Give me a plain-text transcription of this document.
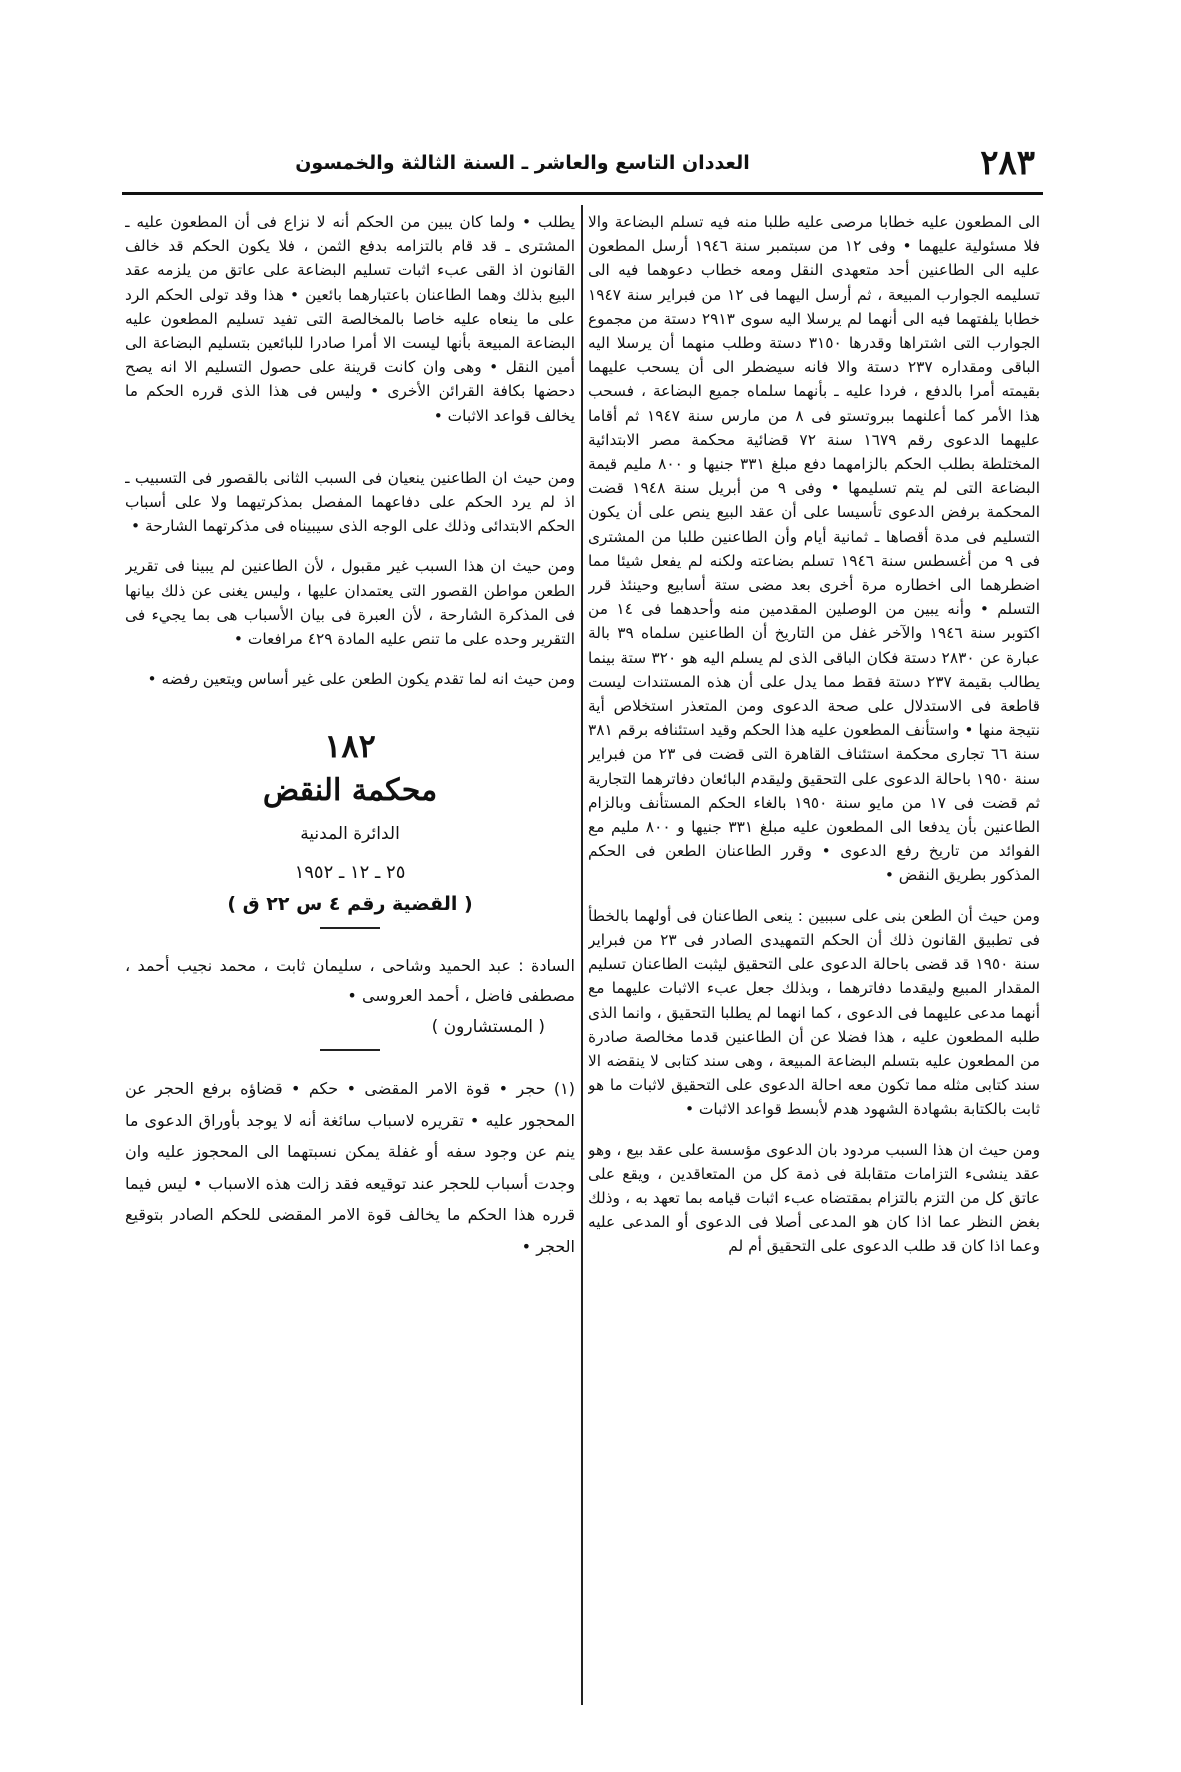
٢٨٣
العددان التاسع والعاشر ـ السنة الثالثة والخمسون

الى المطعون عليه خطابا مرصى عليه طلبا منه فيه تسلم البضاعة والا فلا مسئولية عليهما • وفى ١٢ من سبتمبر سنة ١٩٤٦ أرسل المطعون عليه الى الطاعنين أحد متعهدى النقل ومعه خطاب دعوهما فيه الى تسليمه الجوارب المبيعة ، ثم أرسل اليهما فى ١٢ من فبراير سنة ١٩٤٧ خطابا يلفتهما فيه الى أنهما لم يرسلا اليه سوى ٢٩١٣ دستة من مجموع الجوارب التى اشتراها وقدرها ٣١٥٠ دستة وطلب منهما أن يرسلا اليه الباقى ومقداره ٢٣٧ دستة والا فانه سيضطر الى أن يسحب عليهما بقيمته أمرا بالدفع ، فردا عليه ـ بأنهما سلماه جميع البضاعة ، فسحب هذا الأمر كما أعلنهما ببروتستو فى ٨ من مارس سنة ١٩٤٧ ثم أقاما عليهما الدعوى رقم ١٦٧٩ سنة ٧٢ قضائية محكمة مصر الابتدائية المختلطة بطلب الحكم بالزامهما دفع مبلغ ٣٣١ جنيها و ٨٠٠ مليم قيمة البضاعة التى لم يتم تسليمها • وفى ٩ من أبريل سنة ١٩٤٨ قضت المحكمة برفض الدعوى تأسيسا على أن عقد البيع ينص على أن يكون التسليم فى مدة أقصاها ـ ثمانية أيام وأن الطاعنين طلبا من المشترى فى ٩ من أغسطس سنة ١٩٤٦ تسلم بضاعته ولكنه لم يفعل شيئا مما اضطرهما الى اخطاره مرة أخرى بعد مضى ستة أسابيع وحينئذ قرر التسلم • وأنه يبين من الوصلين المقدمين منه وأحدهما فى ١٤ من اكتوبر سنة ١٩٤٦ والآخر غفل من التاريخ أن الطاعنين سلماه ٣٩ بالة عبارة عن ٢٨٣٠ دستة فكان الباقى الذى لم يسلم اليه هو ٣٢٠ ستة بينما يطالب بقيمة ٢٣٧ دستة فقط مما يدل على أن هذه المستندات ليست قاطعة فى الاستدلال على صحة الدعوى ومن المتعذر استخلاص أية نتيجة منها • واستأنف المطعون عليه هذا الحكم وقيد استئنافه برقم ٣٨١ سنة ٦٦ تجارى محكمة استئناف القاهرة التى قضت فى ٢٣ من فبراير سنة ١٩٥٠ باحالة الدعوى على التحقيق وليقدم البائعان دفاترهما التجارية ثم قضت فى ١٧ من مايو سنة ١٩٥٠ بالغاء الحكم المستأنف وبالزام الطاعنين بأن يدفعا الى المطعون عليه مبلغ ٣٣١ جنيها و ٨٠٠ مليم مع الفوائد من تاريخ رفع الدعوى • وقرر الطاعنان الطعن فى الحكم المذكور بطريق النقض •

ومن حيث أن الطعن بنى على سببين : ينعى الطاعنان فى أولهما بالخطأ فى تطبيق القانون ذلك أن الحكم التمهيدى الصادر فى ٢٣ من فبراير سنة ١٩٥٠ قد قضى باحالة الدعوى على التحقيق ليثبت الطاعنان تسليم المقدار المبيع وليقدما دفاترهما ، وبذلك جعل عبء الاثبات عليهما مع أنهما مدعى عليهما فى الدعوى ، كما انهما لم يطلبا التحقيق ، وانما الذى طلبه المطعون عليه ، هذا فضلا عن أن الطاعنين قدما مخالصة صادرة من المطعون عليه بتسلم البضاعة المبيعة ، وهى سند كتابى لا ينقضه الا سند كتابى مثله مما تكون معه احالة الدعوى على التحقيق لاثبات ما هو ثابت بالكتابة بشهادة الشهود هدم لأبسط قواعد الاثبات •

ومن حيث ان هذا السبب مردود بان الدعوى مؤسسة على عقد بيع ، وهو عقد ينشىء التزامات متقابلة فى ذمة كل من المتعاقدين ، ويقع على عاتق كل من التزم بالتزام بمقتضاه عبء اثبات قيامه بما تعهد به ، وذلك بغض النظر عما اذا كان هو المدعى أصلا فى الدعوى أو المدعى عليه وعما اذا كان قد طلب الدعوى على التحقيق أم لم

يطلب • ولما كان يبين من الحكم أنه لا نزاع فى أن المطعون عليه ـ المشترى ـ قد قام بالتزامه بدفع الثمن ، فلا يكون الحكم قد خالف القانون اذ القى عبء اثبات تسليم البضاعة على عاتق من يلزمه عقد البيع بذلك وهما الطاعنان باعتبارهما بائعين • هذا وقد تولى الحكم الرد على ما ينعاه عليه خاصا بالمخالصة التى تفيد تسليم المطعون عليه البضاعة المبيعة بأنها ليست الا أمرا صادرا للبائعين بتسليم البضاعة الى أمين النقل • وهى وان كانت قرينة على حصول التسليم الا انه يصح دحضها بكافة القرائن الأخرى • وليس فى هذا الذى قرره الحكم ما يخالف قواعد الاثبات •

ومن حيث ان الطاعنين ينعيان فى السبب الثانى بالقصور فى التسبيب ـ اذ لم يرد الحكم على دفاعهما المفصل بمذكرتيهما ولا على أسباب الحكم الابتدائى وذلك على الوجه الذى سيبيناه فى مذكرتهما الشارحة •

ومن حيث ان هذا السبب غير مقبول ، لأن الطاعنين لم يبينا فى تقرير الطعن مواطن القصور التى يعتمدان عليها ، وليس يغنى عن ذلك بيانها فى المذكرة الشارحة ، لأن العبرة فى بيان الأسباب هى بما يجيء فى التقرير وحده على ما تنص عليه المادة ٤٢٩ مرافعات •

ومن حيث انه لما تقدم يكون الطعن على غير أساس ويتعين رفضه •

١٨٢
محكمة النقض
الدائرة المدنية
٢٥ ـ ١٢ ـ ١٩٥٢
( القضية رقم ٤ س ٢٢ ق )

السادة : عبد الحميد وشاحى ، سليمان ثابت ، محمد نجيب أحمد ، مصطفى فاضل ، أحمد العروسى •

( المستشارون )

(١) حجر • قوة الامر المقضى • حكم • قضاؤه برفع الحجر عن المحجور عليه • تقريره لاسباب سائغة أنه لا يوجد بأوراق الدعوى ما ينم عن وجود سفه أو غفلة يمكن نسبتهما الى المحجوز عليه وان وجدت أسباب للحجر عند توقيعه فقد زالت هذه الاسباب • ليس فيما قرره هذا الحكم ما يخالف قوة الامر المقضى للحكم الصادر بتوقيع الحجر •
